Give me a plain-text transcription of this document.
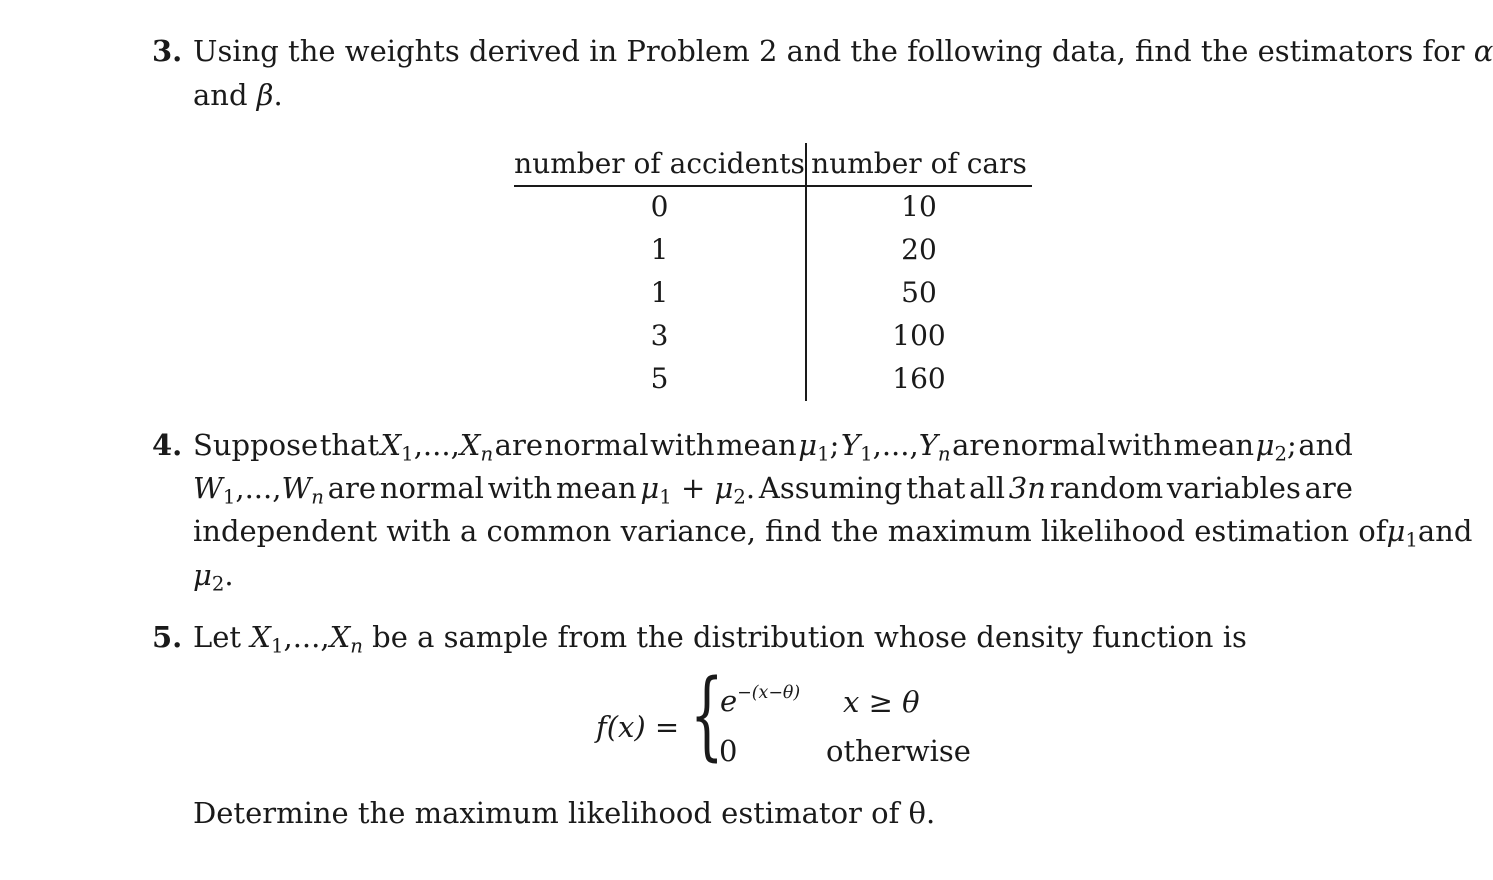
3. Using the weights derived in Problem 2 and the following data, find the estimators for α
and β.
number of accidents number of cars
0	10
1	20
1	50
3	100
5	160
4. Suppose that $X_1,...,X_n$ are normal with mean $\mu_1$; $Y_1,...,Y_n$ are normal with mean $\mu_2$; and
$W_1,...,W_n$ are normal with mean $\mu_1 + \mu_2$. Assuming that all 3n random variables are
independent with a common variance, find the maximum likelihood estimation of $\mu_1$ and
$\mu_2$.
5. Let $X_1,...,X_n$ be a sample from the distribution whose density function is
f(x) = {
$e^{-(x-\theta)}$ x ≥ θ
0	otherwise
Determine the maximum likelihood estimator of θ.
